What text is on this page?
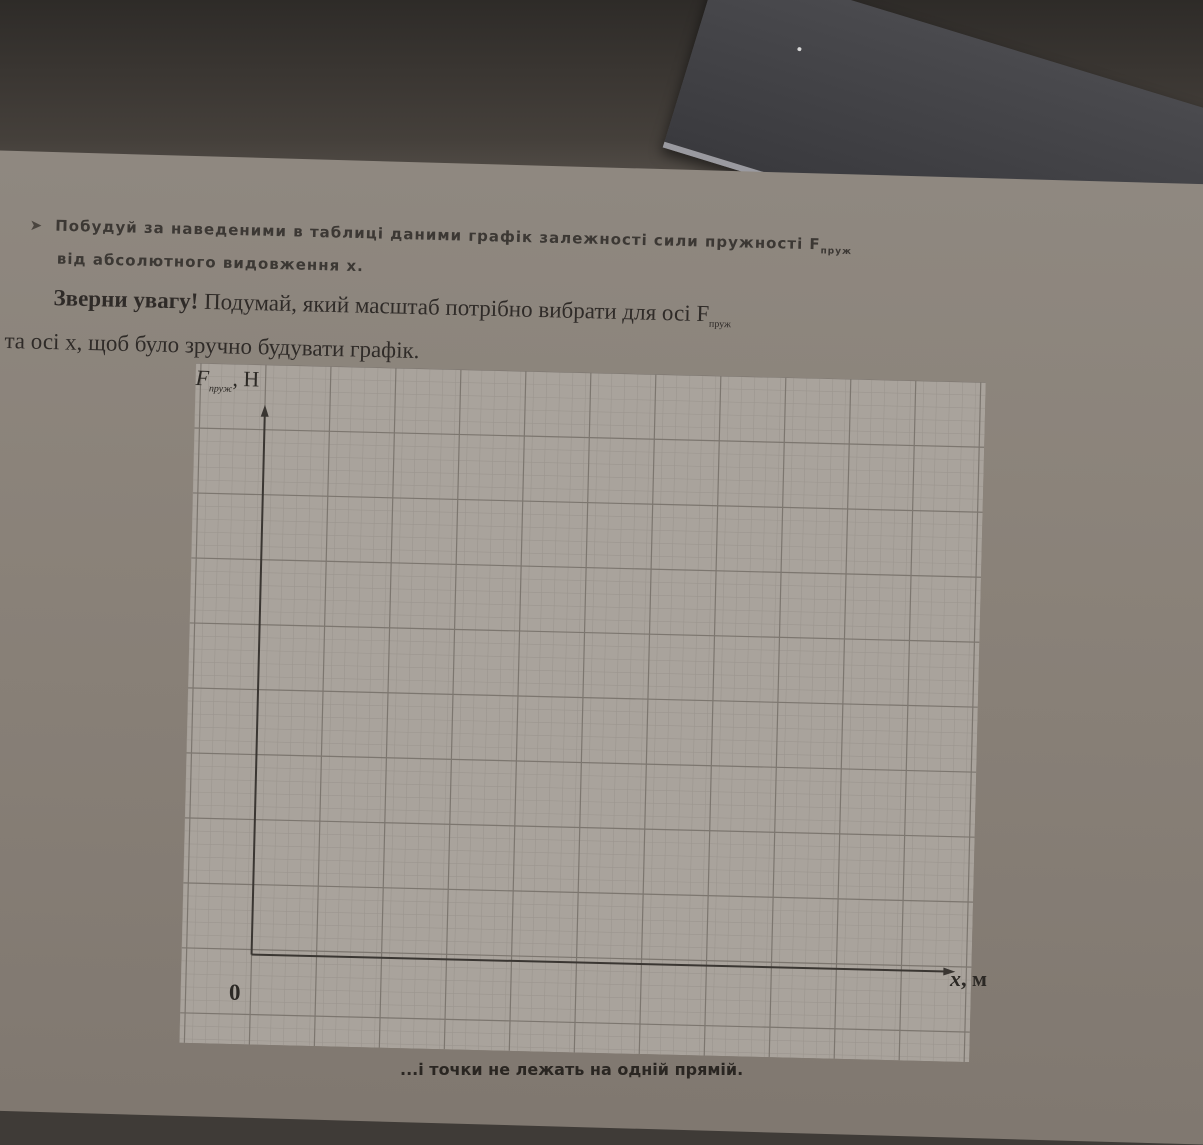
➤ Побудуй за наведеними в таблиці даними графік залежності сили пружності $F_{пруж}$
від абсолютного видовження x.
Зверни увагу! Подумай, який масштаб потрібно вибрати для осі $F_{пруж}$
та осі x, щоб було зручно будувати графік.
$F_{пруж}$, Н
0
x, м
...і точки не лежать на одній прямій.
